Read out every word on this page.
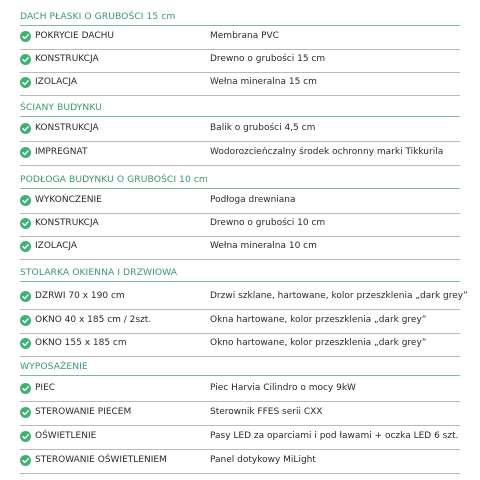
DACH PŁASKI O GRUBOŚCI 15 cm
POKRYCIE DACHU	Membrana PVC
KONSTRUKCJA	Drewno o grubości 15 cm
IZOLACJA	Wełna mineralna 15 cm
ŚCIANY BUDYNKU
KONSTRUKCJA	Balik o grubości 4,5 cm
IMPREGNAT	Wodorozcieńczalny środek ochronny marki Tikkurila
PODŁOGA BUDYNKU O GRUBOŚCI 10 cm
WYKOŃCZENIE	Podłoga drewniana
KONSTRUKCJA	Drewno o grubości 10 cm
IZOLACJA	Wełna mineralna 10 cm
STOLARKA OKIENNA I DRZWIOWA
DZRWI 70 x 190 cm	Drzwi szklane, hartowane, kolor przeszklenia „dark grey”
OKNO 40 x 185 cm / 2szt.	Okna hartowane, kolor przeszklenia „dark grey”
OKNO 155 x 185 cm	Okno hartowane, kolor przeszklenia „dark grey”
WYPOSAŻENIE
PIEC	Piec Harvia Cilindro o mocy 9kW
STEROWANIE PIECEM	Sterownik FFES serii CXX
OŚWIETLENIE	Pasy LED za oparciami i pod ławami + oczka LED 6 szt.
STEROWANIE OŚWIETLENIEM	Panel dotykowy MiLight
